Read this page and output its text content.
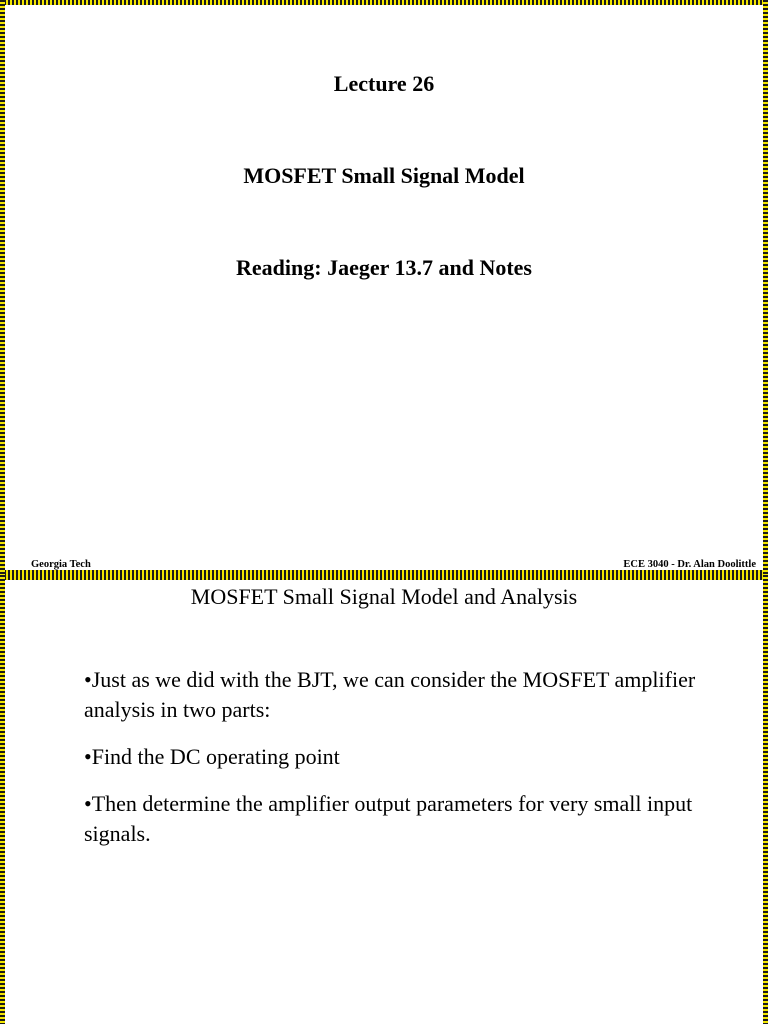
Lecture 26
MOSFET Small Signal Model
Reading: Jaeger 13.7 and Notes
Georgia Tech	ECE 3040 - Dr. Alan Doolittle
MOSFET Small Signal Model and Analysis
•Just as we did with the BJT, we can consider the MOSFET amplifier analysis in two parts:
•Find the DC operating point
•Then determine the amplifier output parameters for very small input signals.
